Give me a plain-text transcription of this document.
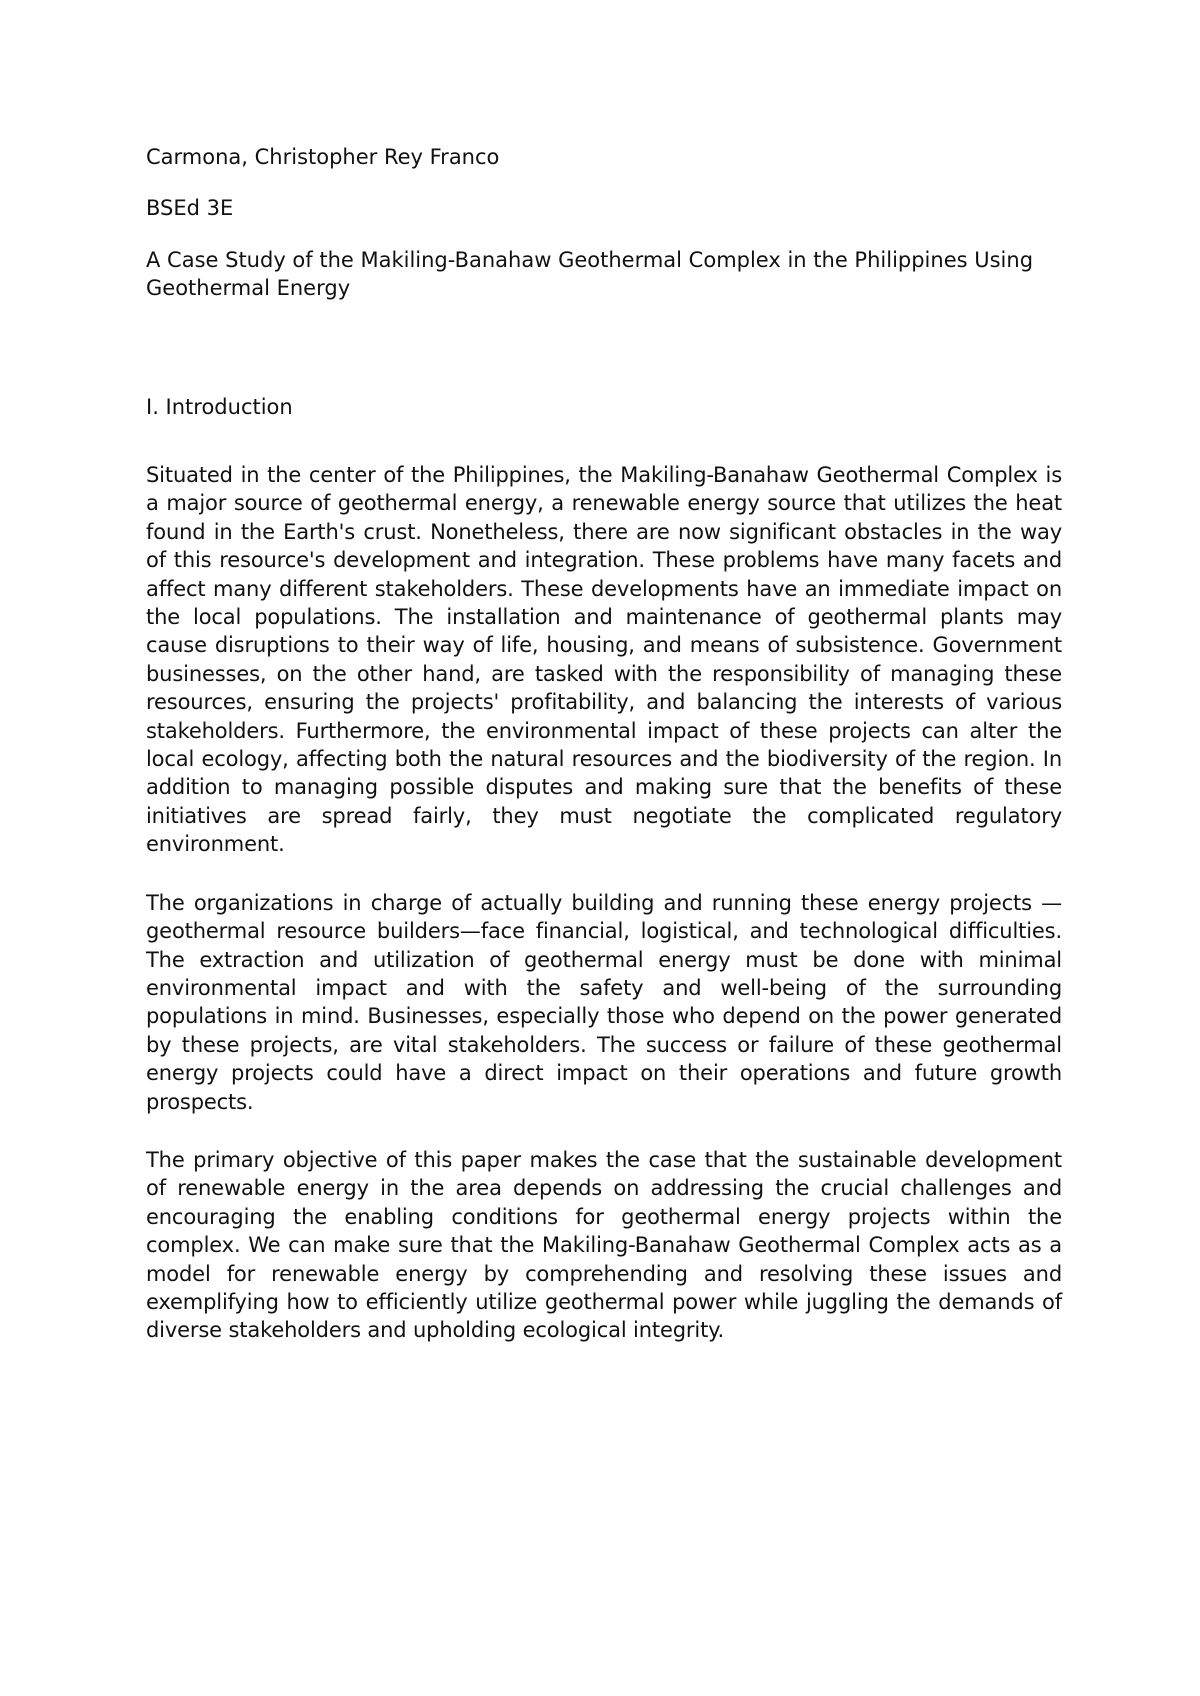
Carmona, Christopher Rey Franco

BSEd 3E

A Case Study of the Makiling-Banahaw Geothermal Complex in the Philippines Using Geothermal Energy
I. Introduction

Situated in the center of the Philippines, the Makiling-Banahaw Geothermal Complex is a major source of geothermal energy, a renewable energy source that utilizes the heat found in the Earth's crust. Nonetheless, there are now significant obstacles in the way of this resource's development and integration. These problems have many facets and affect many different stakeholders. These developments have an immediate impact on the local populations. The installation and maintenance of geothermal plants may cause disruptions to their way of life, housing, and means of subsistence. Government businesses, on the other hand, are tasked with the responsibility of managing these resources, ensuring the projects' profitability, and balancing the interests of various stakeholders. Furthermore, the environmental impact of these projects can alter the local ecology, affecting both the natural resources and the biodiversity of the region. In addition to managing possible disputes and making sure that the benefits of these initiatives are spread fairly, they must negotiate the complicated regulatory environment.

The organizations in charge of actually building and running these energy projects —geothermal resource builders—face financial, logistical, and technological difficulties. The extraction and utilization of geothermal energy must be done with minimal environmental impact and with the safety and well-being of the surrounding populations in mind. Businesses, especially those who depend on the power generated by these projects, are vital stakeholders. The success or failure of these geothermal energy projects could have a direct impact on their operations and future growth prospects.

The primary objective of this paper makes the case that the sustainable development of renewable energy in the area depends on addressing the crucial challenges and encouraging the enabling conditions for geothermal energy projects within the complex. We can make sure that the Makiling-Banahaw Geothermal Complex acts as a model for renewable energy by comprehending and resolving these issues and exemplifying how to efficiently utilize geothermal power while juggling the demands of diverse stakeholders and upholding ecological integrity.
